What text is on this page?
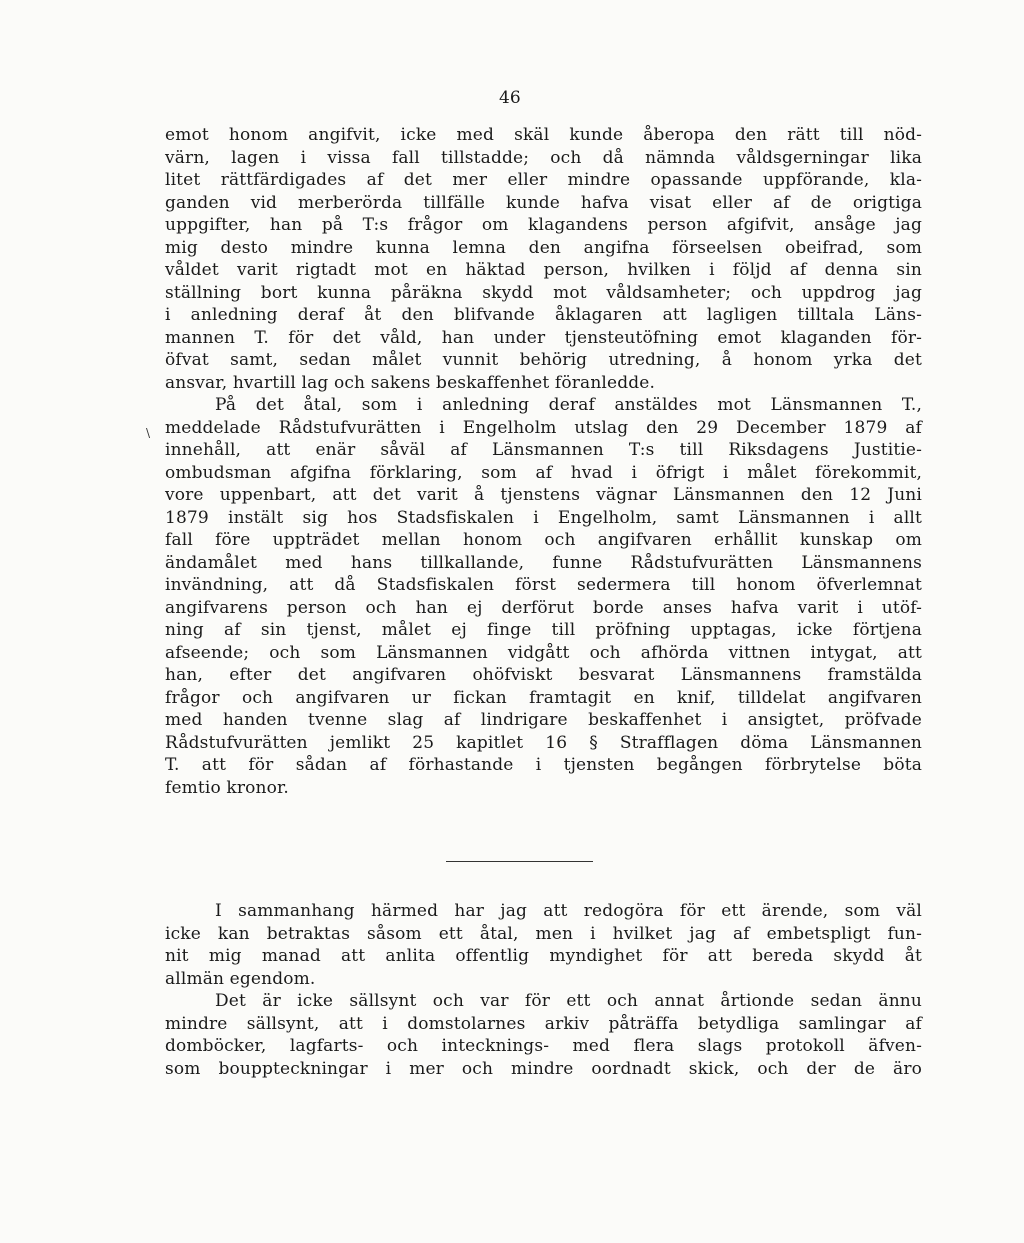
46
\
emot honom angifvit, icke med skäl kunde åberopa den rätt till nöd-
värn, lagen i vissa fall tillstadde; och då nämnda våldsgerningar lika
litet rättfärdigades af det mer eller mindre opassande uppförande, kla-
ganden vid merberörda tillfälle kunde hafva visat eller af de origtiga
uppgifter, han på T:s frågor om klagandens person afgifvit, ansåge jag
mig desto mindre kunna lemna den angifna förseelsen obeifrad, som
våldet varit rigtadt mot en häktad person, hvilken i följd af denna sin
ställning bort kunna påräkna skydd mot våldsamheter; och uppdrog jag
i anledning deraf åt den blifvande åklagaren att lagligen tilltala Läns-
mannen T. för det våld, han under tjensteutöfning emot klaganden för-
öfvat samt, sedan målet vunnit behörig utredning, å honom yrka det
ansvar, hvartill lag och sakens beskaffenhet föranledde.
På det åtal, som i anledning deraf anstäldes mot Länsmannen T.,
meddelade Rådstufvurätten i Engelholm utslag den 29 December 1879 af
innehåll, att enär såväl af Länsmannen T:s till Riksdagens Justitie-
ombudsman afgifna förklaring, som af hvad i öfrigt i målet förekommit,
vore uppenbart, att det varit å tjenstens vägnar Länsmannen den 12 Juni
1879 instält sig hos Stadsfiskalen i Engelholm, samt Länsmannen i allt
fall före uppträdet mellan honom och angifvaren erhållit kunskap om
ändamålet med hans tillkallande, funne Rådstufvurätten Länsmannens
invändning, att då Stadsfiskalen först sedermera till honom öfverlemnat
angifvarens person och han ej derförut borde anses hafva varit i utöf-
ning af sin tjenst, målet ej finge till pröfning upptagas, icke förtjena
afseende; och som Länsmannen vidgått och afhörda vittnen intygat, att
han, efter det angifvaren ohöfviskt besvarat Länsmannens framstälda
frågor och angifvaren ur fickan framtagit en knif, tilldelat angifvaren
med handen tvenne slag af lindrigare beskaffenhet i ansigtet, pröfvade
Rådstufvurätten jemlikt 25 kapitlet 16 § Strafflagen döma Länsmannen
T. att för sådan af förhastande i tjensten begången förbrytelse böta
femtio kronor.
I sammanhang härmed har jag att redogöra för ett ärende, som väl
icke kan betraktas såsom ett åtal, men i hvilket jag af embetspligt fun-
nit mig manad att anlita offentlig myndighet för att bereda skydd åt
allmän egendom.
Det är icke sällsynt och var för ett och annat årtionde sedan ännu
mindre sällsynt, att i domstolarnes arkiv påträffa betydliga samlingar af
domböcker, lagfarts- och intecknings- med flera slags protokoll äfven-
som bouppteckningar i mer och mindre oordnadt skick, och der de äro
